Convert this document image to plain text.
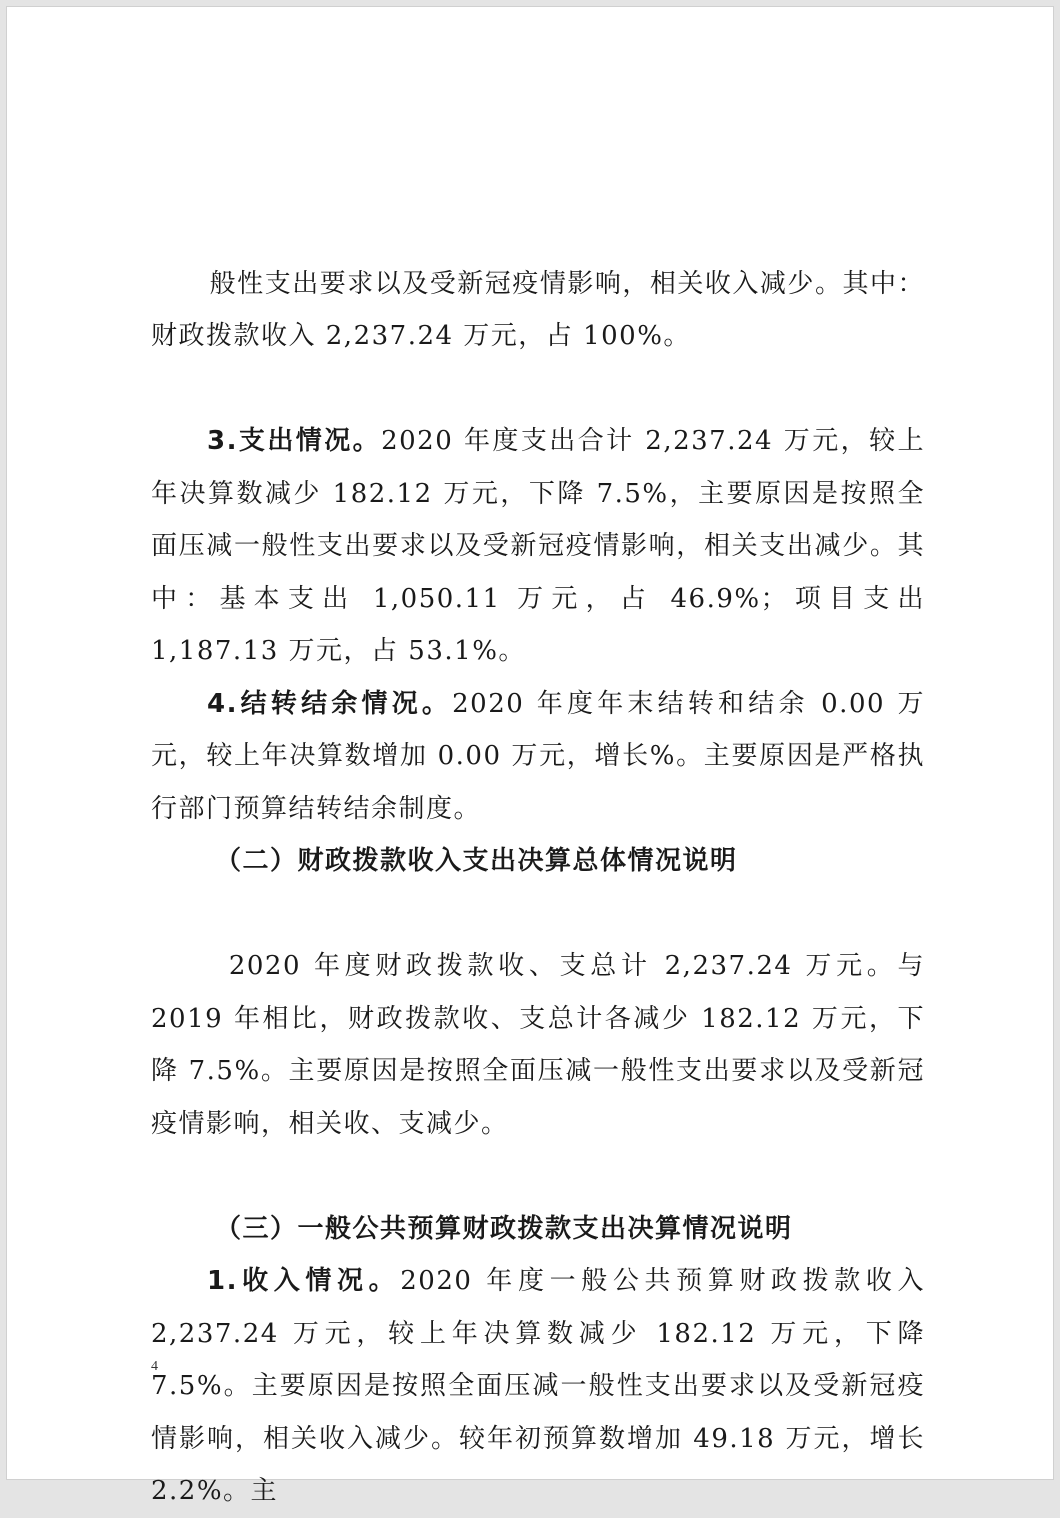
般性支出要求以及受新冠疫情影响，相关收入减少。其中：财政拨款收入 2,237.24 万元，占 100%。

3.支出情况。2020 年度支出合计 2,237.24 万元，较上年决算数减少 182.12 万元，下降 7.5%，主要原因是按照全面压减一般性支出要求以及受新冠疫情影响，相关支出减少。其中：基本支出 1,050.11 万元，占 46.9%；项目支出 1,187.13 万元，占 53.1%。

4.结转结余情况。2020 年度年末结转和结余 0.00 万元，较上年决算数增加 0.00 万元，增长%。主要原因是严格执行部门预算结转结余制度。

（二）财政拨款收入支出决算总体情况说明

2020 年度财政拨款收、支总计 2,237.24 万元。与 2019 年相比，财政拨款收、支总计各减少 182.12 万元，下降 7.5%。主要原因是按照全面压减一般性支出要求以及受新冠疫情影响，相关收、支减少。

（三）一般公共预算财政拨款支出决算情况说明

1.收入情况。2020 年度一般公共预算财政拨款收入 2,237.24 万元，较上年决算数减少 182.12 万元，下降 7.5%。主要原因是按照全面压减一般性支出要求以及受新冠疫情影响，相关收入减少。较年初预算数增加 49.18 万元，增长 2.2%。主

4
